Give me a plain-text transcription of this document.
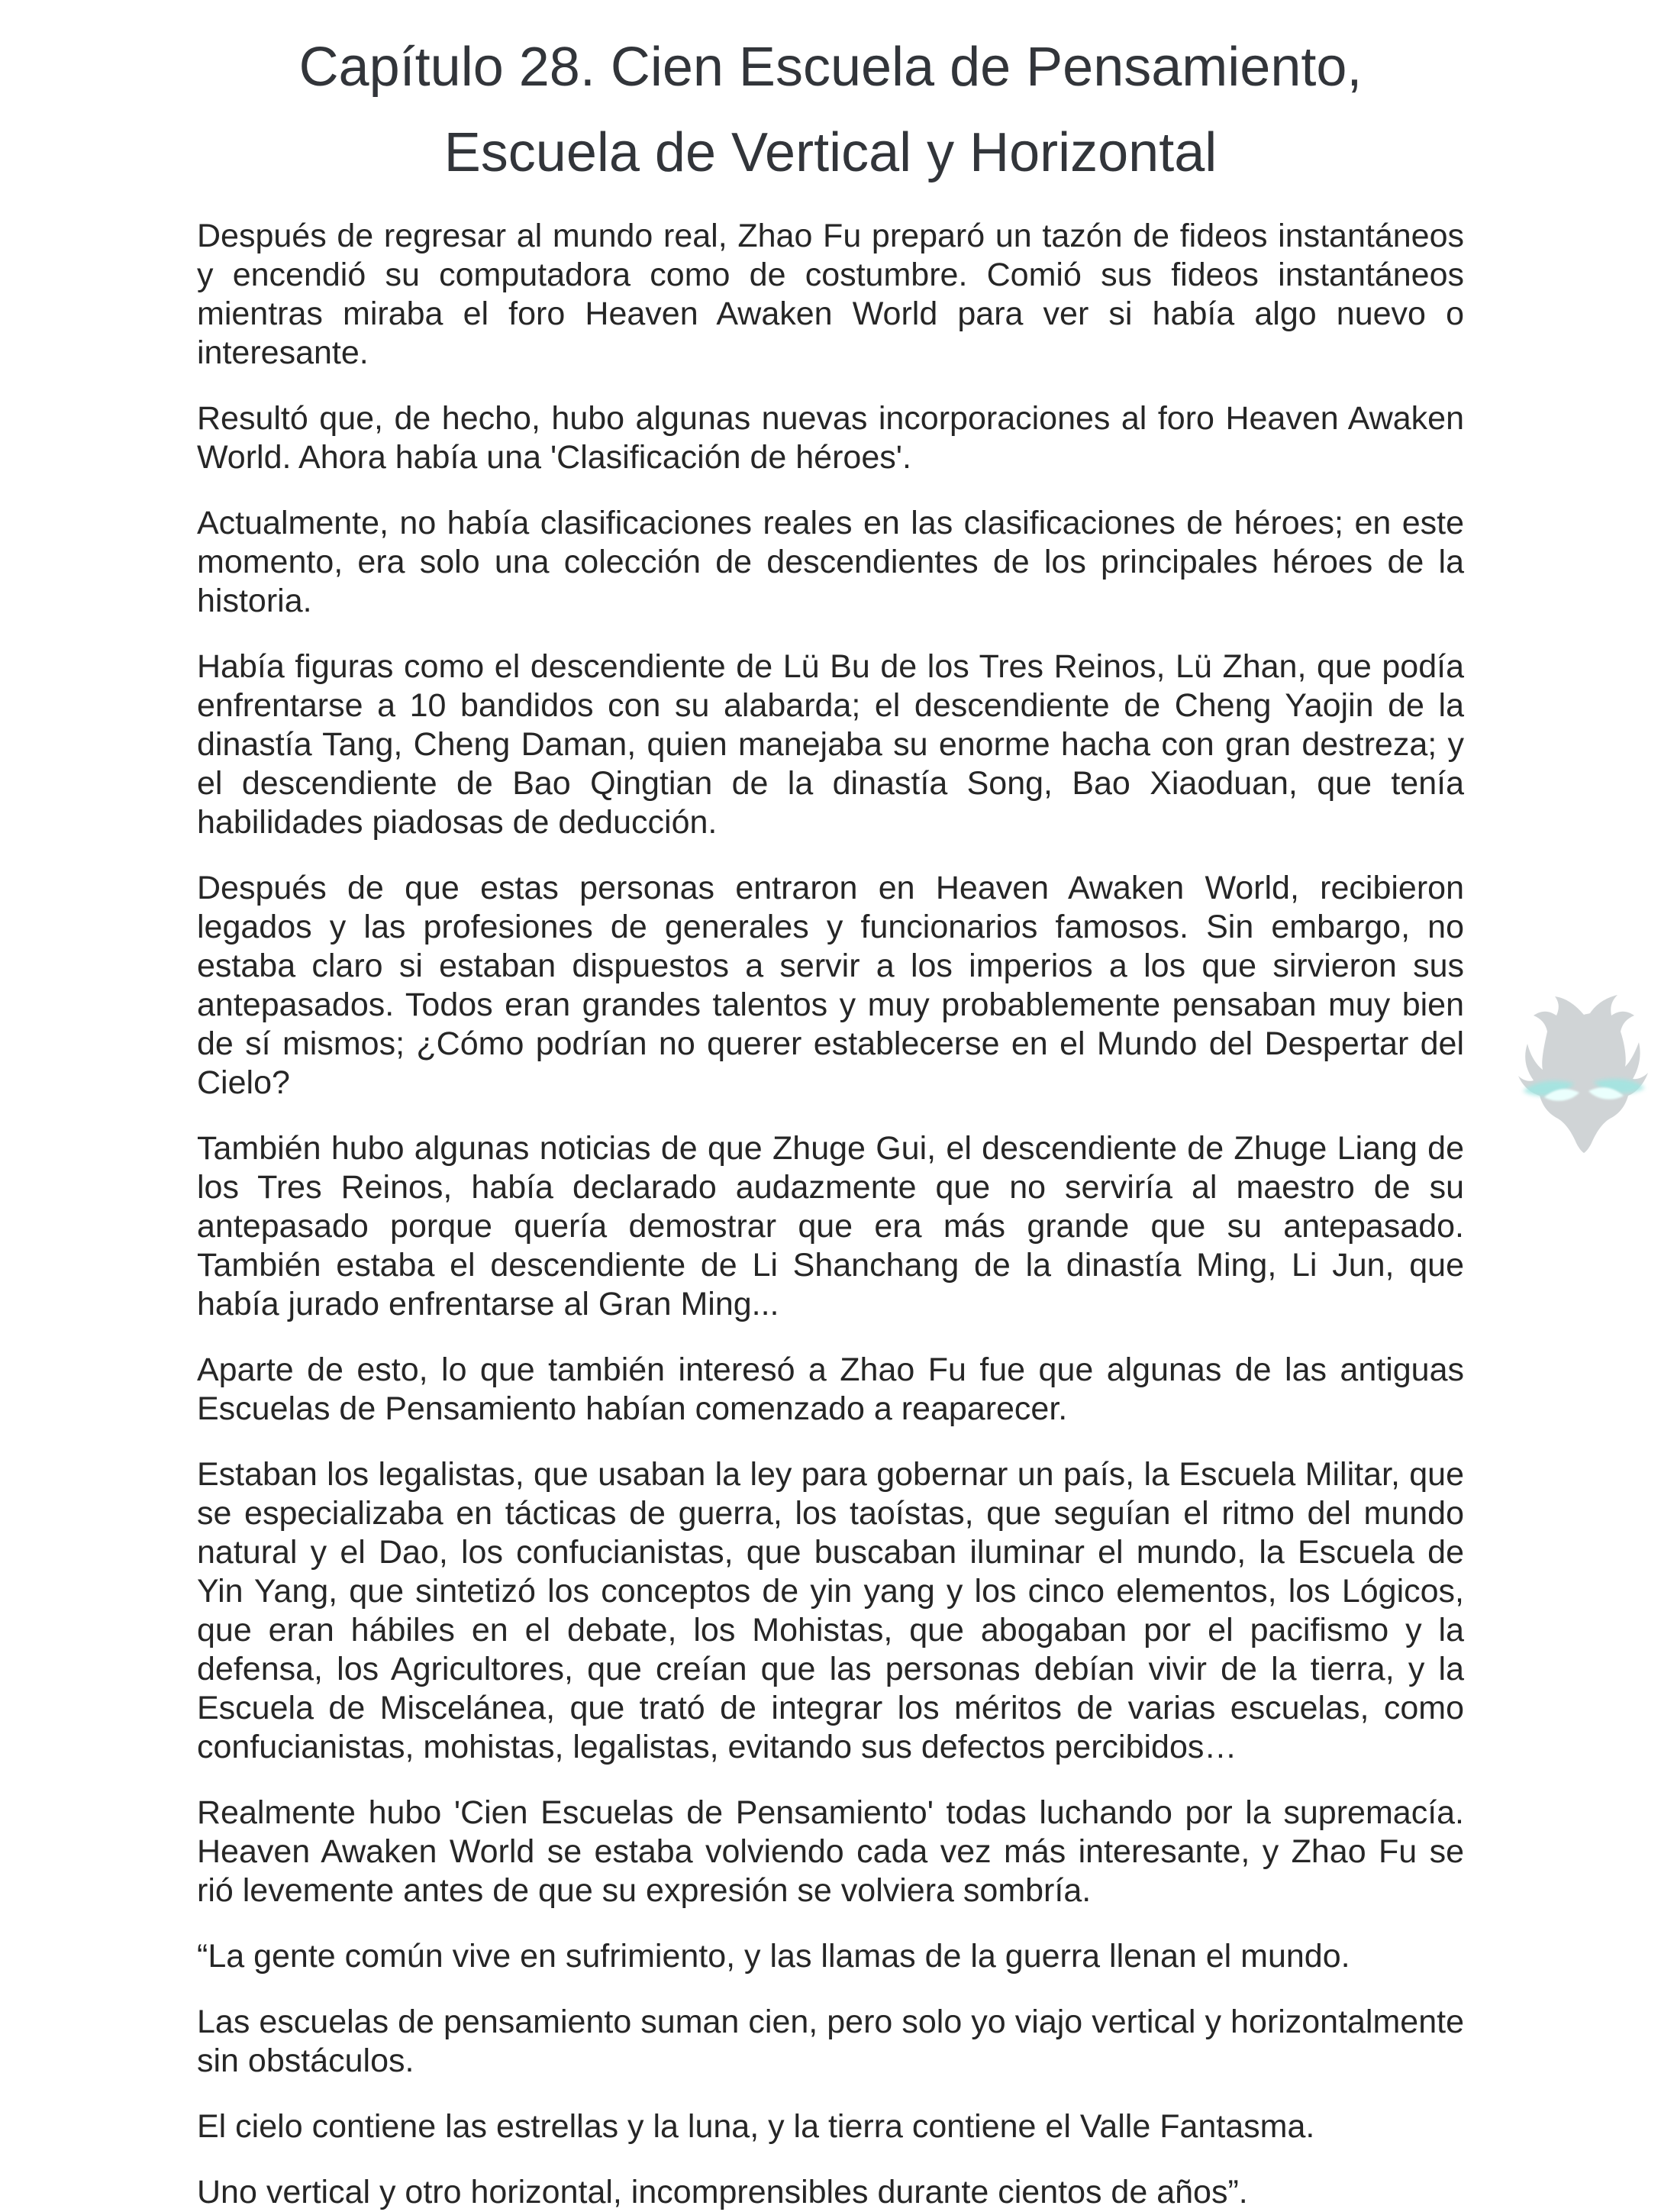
Capítulo 28. Cien Escuela de Pensamiento,
Escuela de Vertical y Horizontal

Después de regresar al mundo real, Zhao Fu preparó un tazón de fideos instantáneos y encendió su computadora como de costumbre. Comió sus fideos instantáneos mientras miraba el foro Heaven Awaken World para ver si había algo nuevo o interesante.

Resultó que, de hecho, hubo algunas nuevas incorporaciones al foro Heaven Awaken World. Ahora había una 'Clasificación de héroes'.

Actualmente, no había clasificaciones reales en las clasificaciones de héroes; en este momento, era solo una colección de descendientes de los principales héroes de la historia.

Había figuras como el descendiente de Lü Bu de los Tres Reinos, Lü Zhan, que podía enfrentarse a 10 bandidos con su alabarda; el descendiente de Cheng Yaojin de la dinastía Tang, Cheng Daman, quien manejaba su enorme hacha con gran destreza; y el descendiente de Bao Qingtian de la dinastía Song, Bao Xiaoduan, que tenía habilidades piadosas de deducción.

Después de que estas personas entraron en Heaven Awaken World, recibieron legados y las profesiones de generales y funcionarios famosos. Sin embargo, no estaba claro si estaban dispuestos a servir a los imperios a los que sirvieron sus antepasados. Todos eran grandes talentos y muy probablemente pensaban muy bien de sí mismos; ¿Cómo podrían no querer establecerse en el Mundo del Despertar del Cielo?

También hubo algunas noticias de que Zhuge Gui, el descendiente de Zhuge Liang de los Tres Reinos, había declarado audazmente que no serviría al maestro de su antepasado porque quería demostrar que era más grande que su antepasado. También estaba el descendiente de Li Shanchang de la dinastía Ming, Li Jun, que había jurado enfrentarse al Gran Ming...

Aparte de esto, lo que también interesó a Zhao Fu fue que algunas de las antiguas Escuelas de Pensamiento habían comenzado a reaparecer.

Estaban los legalistas, que usaban la ley para gobernar un país, la Escuela Militar, que se especializaba en tácticas de guerra, los taoístas, que seguían el ritmo del mundo natural y el Dao, los confucianistas, que buscaban iluminar el mundo, la Escuela de Yin Yang, que sintetizó los conceptos de yin yang y los cinco elementos, los Lógicos, que eran hábiles en el debate, los Mohistas, que abogaban por el pacifismo y la defensa, los Agricultores, que creían que las personas debían vivir de la tierra, y la Escuela de Miscelánea, que trató de integrar los méritos de varias escuelas, como confucianistas, mohistas, legalistas, evitando sus defectos percibidos…

Realmente hubo 'Cien Escuelas de Pensamiento' todas luchando por la supremacía. Heaven Awaken World se estaba volviendo cada vez más interesante, y Zhao Fu se rió levemente antes de que su expresión se volviera sombría.

“La gente común vive en sufrimiento, y las llamas de la guerra llenan el mundo.

Las escuelas de pensamiento suman cien, pero solo yo viajo vertical y horizontalmente sin obstáculos.

El cielo contiene las estrellas y la luna, y la tierra contiene el Valle Fantasma.

Uno vertical y otro horizontal, incomprensibles durante cientos de años”.
